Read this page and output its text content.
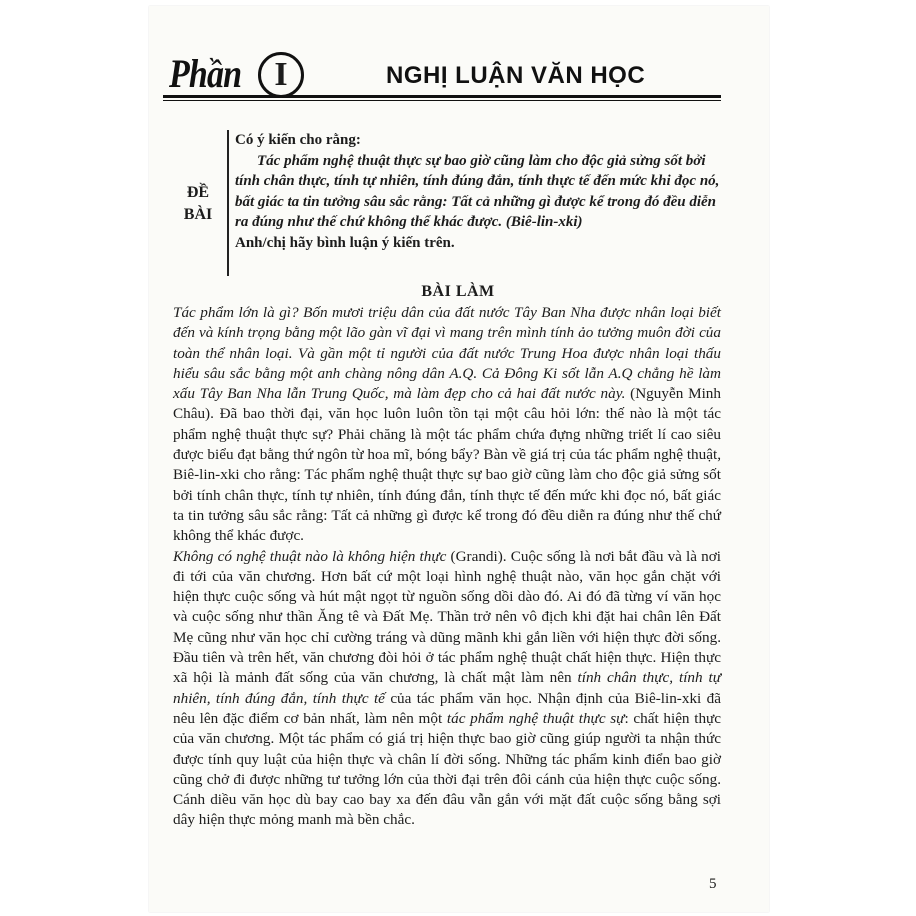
Phần I	NGHỊ LUẬN VĂN HỌC
ĐỀ
BÀI
Có ý kiến cho rằng:
Tác phẩm nghệ thuật thực sự bao giờ cũng làm cho độc giả sửng sốt bởi tính chân thực, tính tự nhiên, tính đúng đắn, tính thực tế đến mức khi đọc nó, bất giác ta tin tưởng sâu sắc rằng: Tất cả những gì được kể trong đó đều diễn ra đúng như thế chứ không thể khác được. (Biê-lin-xki)
Anh/chị hãy bình luận ý kiến trên.
BÀI LÀM

Tác phẩm lớn là gì? Bốn mươi triệu dân của đất nước Tây Ban Nha được nhân loại biết đến và kính trọng bằng một lão gàn vĩ đại vì mang trên mình tính ảo tưởng muôn đời của toàn thể nhân loại. Và gần một tỉ người của đất nước Trung Hoa được nhân loại thấu hiểu sâu sắc bằng một anh chàng nông dân A.Q. Cả Đông Ki sốt lẫn A.Q chẳng hề làm xấu Tây Ban Nha lẫn Trung Quốc, mà làm đẹp cho cả hai đất nước này. (Nguyễn Minh Châu). Đã bao thời đại, văn học luôn luôn tồn tại một câu hỏi lớn: thế nào là một tác phẩm nghệ thuật thực sự? Phải chăng là một tác phẩm chứa đựng những triết lí cao siêu được biểu đạt bằng thứ ngôn từ hoa mĩ, bóng bẩy? Bàn về giá trị của tác phẩm nghệ thuật, Biê-lin-xki cho rằng: Tác phẩm nghệ thuật thực sự bao giờ cũng làm cho độc giả sửng sốt bởi tính chân thực, tính tự nhiên, tính đúng đắn, tính thực tế đến mức khi đọc nó, bất giác ta tin tưởng sâu sắc rằng: Tất cả những gì được kể trong đó đều diễn ra đúng như thế chứ không thể khác được.

Không có nghệ thuật nào là không hiện thực (Grandi). Cuộc sống là nơi bắt đầu và là nơi đi tới của văn chương. Hơn bất cứ một loại hình nghệ thuật nào, văn học gắn chặt với hiện thực cuộc sống và hút mật ngọt từ nguồn sống dồi dào đó. Ai đó đã từng ví văn học và cuộc sống như thần Ăng tê và Đất Mẹ. Thần trở nên vô địch khi đặt hai chân lên Đất Mẹ cũng như văn học chỉ cường tráng và dũng mãnh khi gắn liền với hiện thực đời sống. Đầu tiên và trên hết, văn chương đòi hỏi ở tác phẩm nghệ thuật chất hiện thực. Hiện thực xã hội là mảnh đất sống của văn chương, là chất mật làm nên tính chân thực, tính tự nhiên, tính đúng đắn, tính thực tế của tác phẩm văn học. Nhận định của Biê-lin-xki đã nêu lên đặc điểm cơ bản nhất, làm nên một tác phẩm nghệ thuật thực sự: chất hiện thực của văn chương. Một tác phẩm có giá trị hiện thực bao giờ cũng giúp người ta nhận thức được tính quy luật của hiện thực và chân lí đời sống. Những tác phẩm kinh điển bao giờ cũng chở đi được những tư tưởng lớn của thời đại trên đôi cánh của hiện thực cuộc sống. Cánh diều văn học dù bay cao bay xa đến đâu vẫn gắn với mặt đất cuộc sống bằng sợi dây hiện thực mỏng manh mà bền chắc.

5
